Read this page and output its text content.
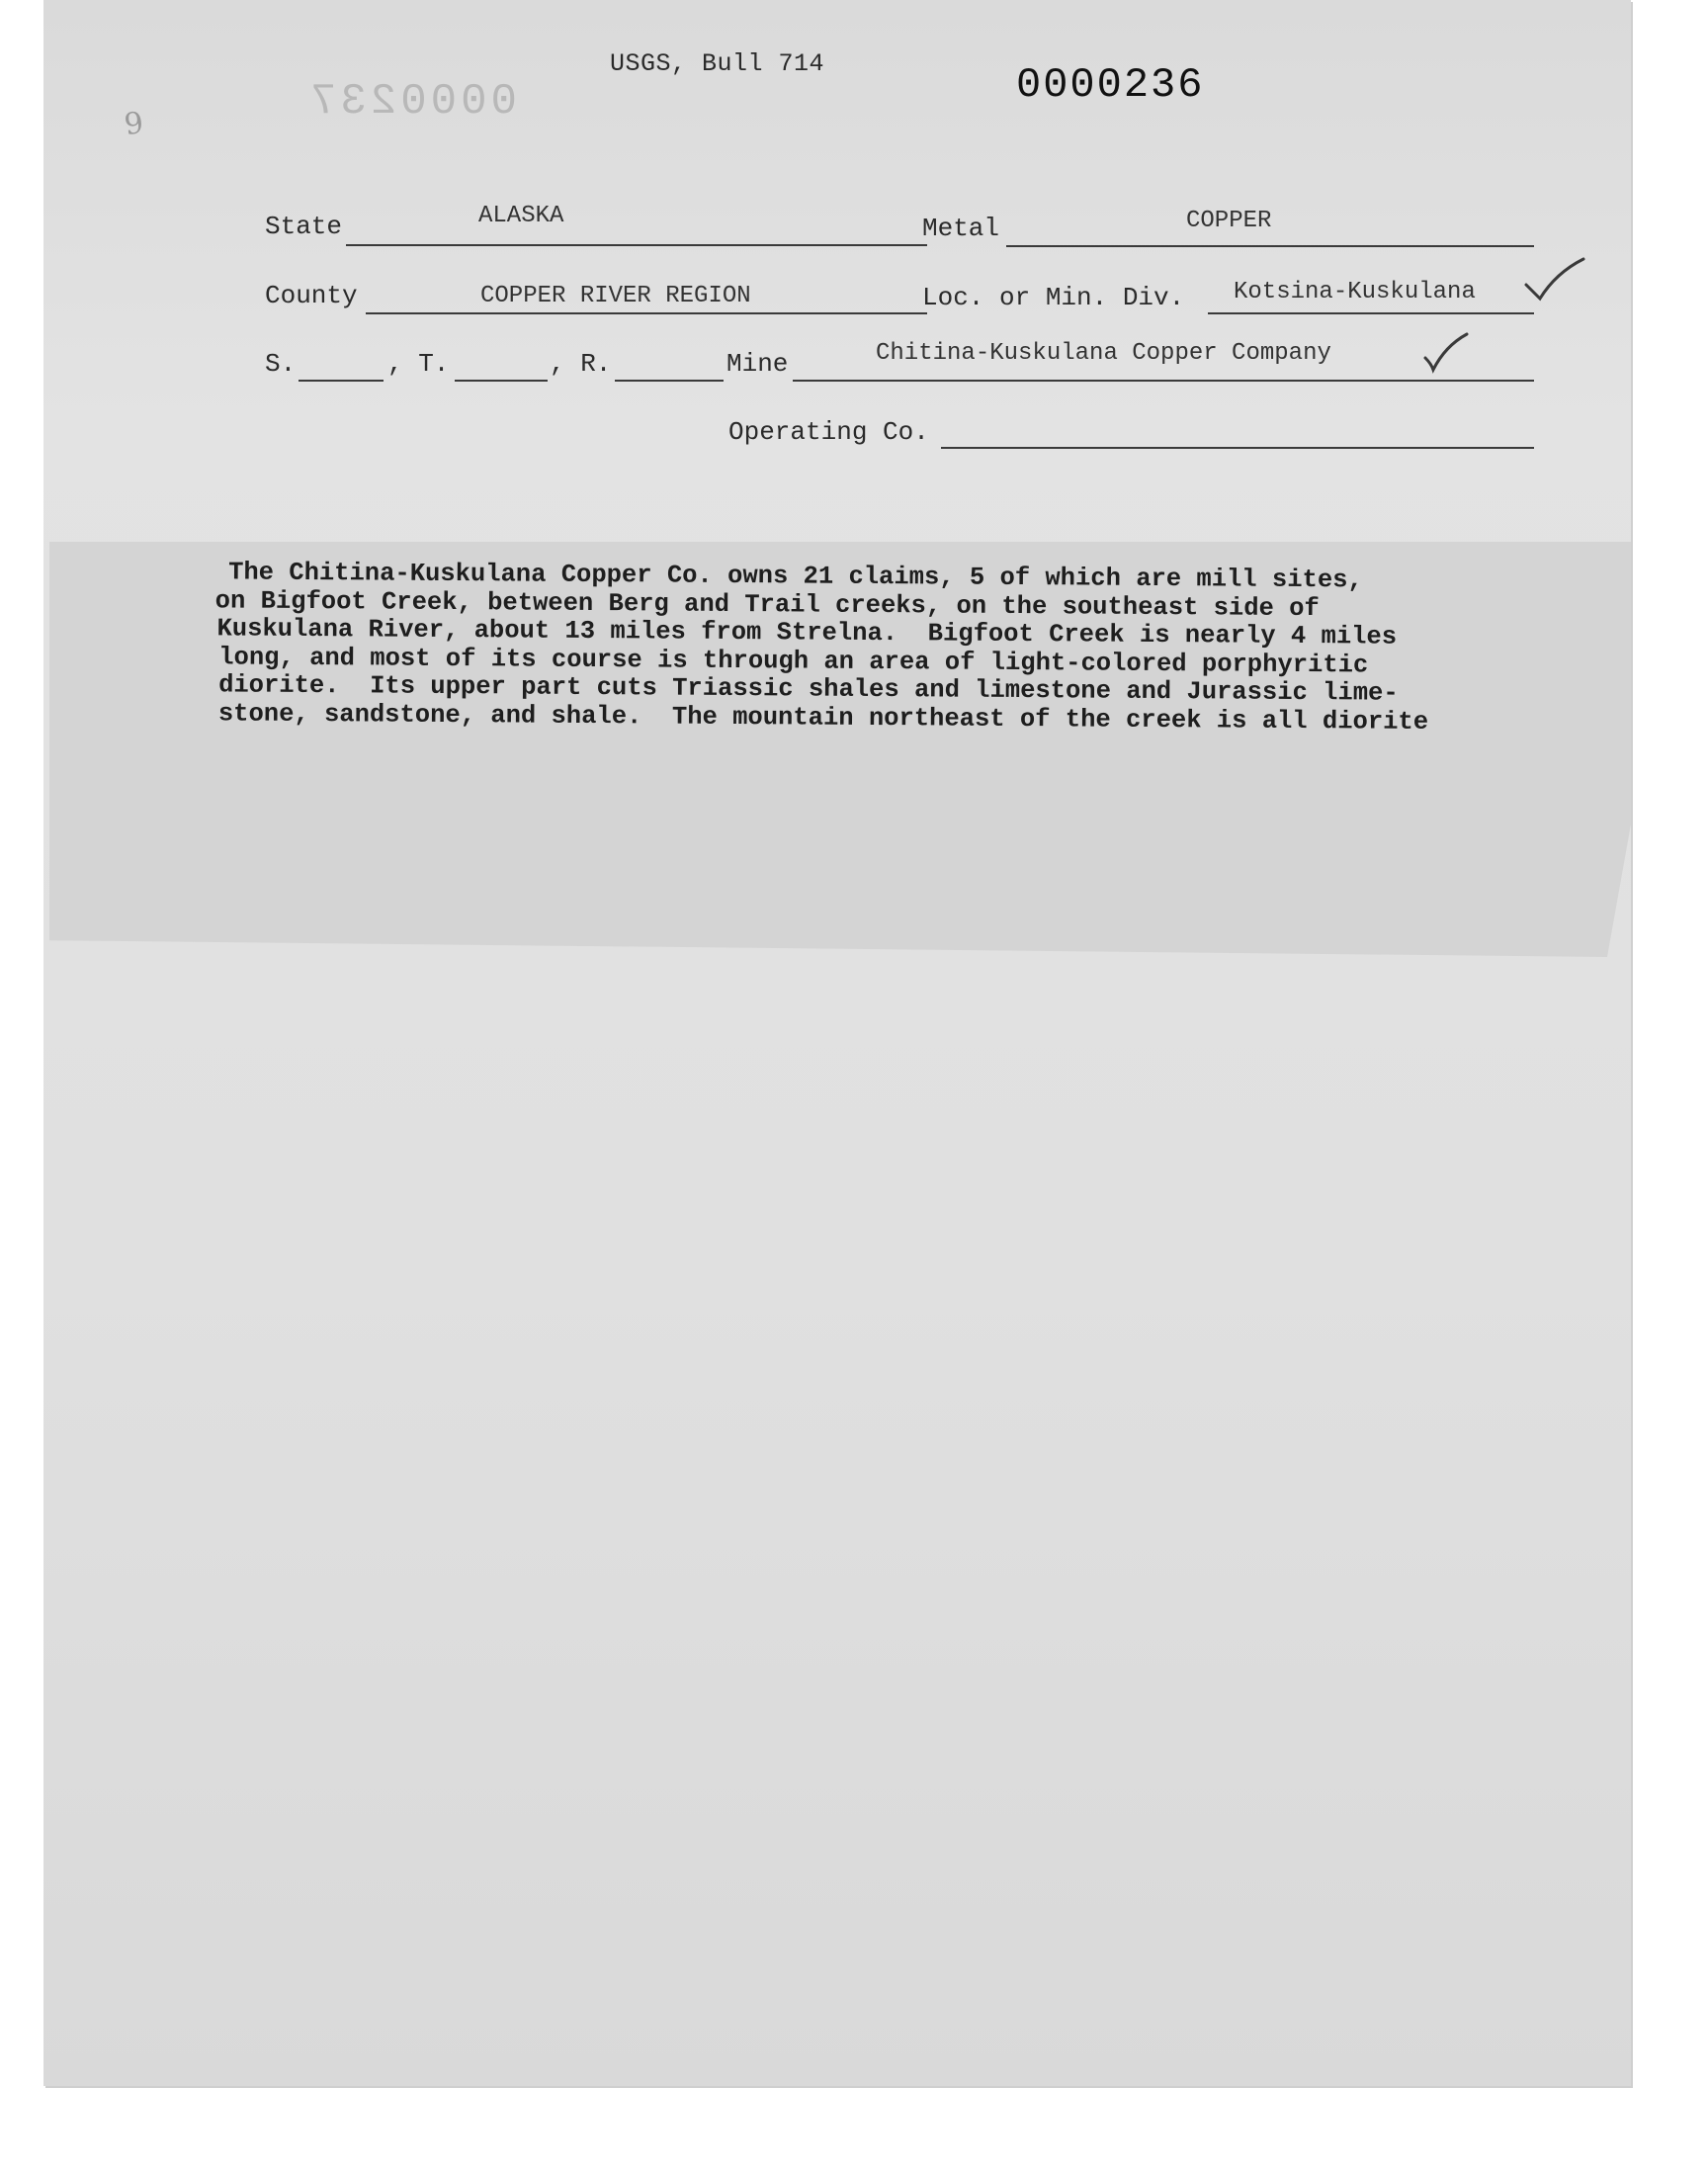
USGS, Bull 714	0000236
0000237
9
State	ALASKA	Metal	COPPER
County	COPPER RIVER REGION	Loc. or Min. Div. Kotsina-Kuskulana
S.	, T.	, R.	Mine	Chitina-Kuskulana Copper Company
Operating Co.
The Chitina-Kuskulana Copper Co. owns 21 claims, 5 of which are mill sites,
on Bigfoot Creek, between Berg and Trail creeks, on the southeast side of
Kuskulana River, about 13 miles from Strelna.  Bigfoot Creek is nearly 4 miles
long, and most of its course is through an area of light-colored porphyritic
diorite.  Its upper part cuts Triassic shales and limestone and Jurassic lime-
stone, sandstone, and shale.  The mountain northeast of the creek is all diorite
